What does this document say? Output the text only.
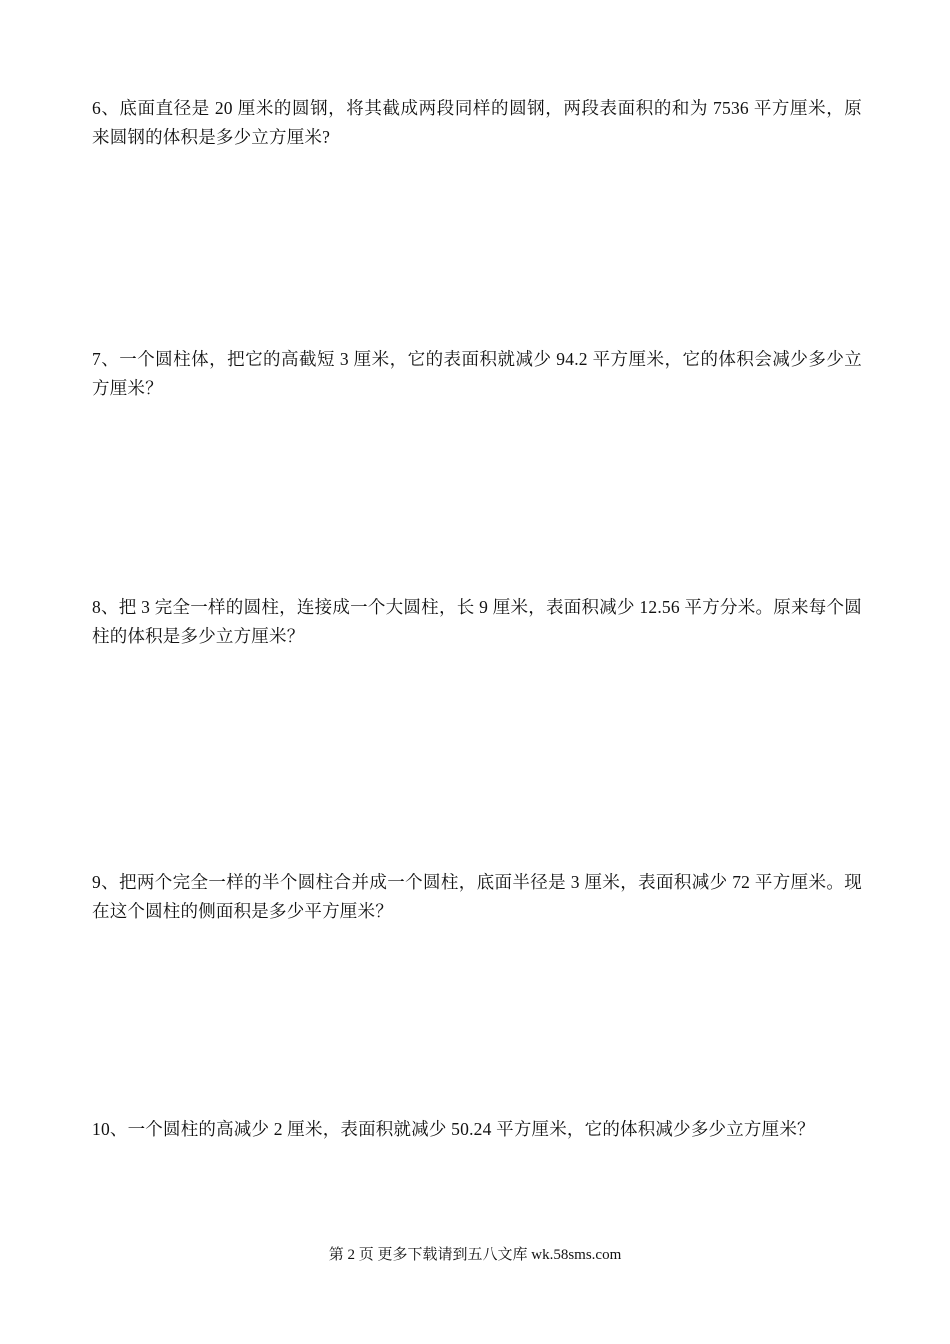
6、底面直径是 20 厘米的圆钢，将其截成两段同样的圆钢，两段表面积的和为 7536 平方厘米，原来圆钢的体积是多少立方厘米?

7、一个圆柱体，把它的高截短 3 厘米，它的表面积就减少 94.2 平方厘米，它的体积会减少多少立方厘米？

8、把 3 完全一样的圆柱，连接成一个大圆柱，长 9 厘米，表面积减少 12.56 平方分米。原来每个圆柱的体积是多少立方厘米？

9、把两个完全一样的半个圆柱合并成一个圆柱，底面半径是 3 厘米，表面积减少 72 平方厘米。现在这个圆柱的侧面积是多少平方厘米？

10、一个圆柱的高减少 2 厘米，表面积就减少 50.24 平方厘米，它的体积减少多少立方厘米？

第 2 页 更多下载请到五八文库 wk.58sms.com
